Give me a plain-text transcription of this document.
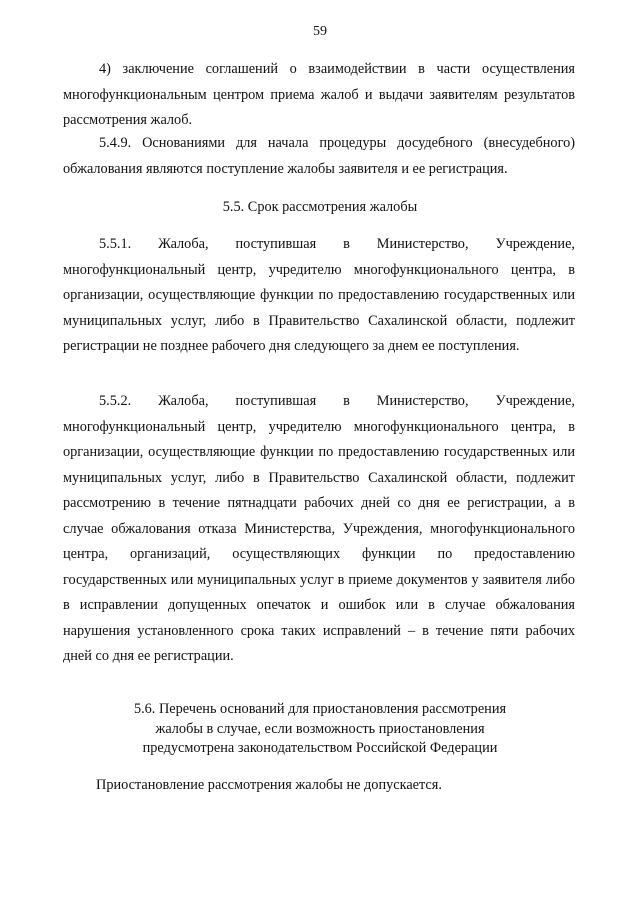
59

4) заключение соглашений о взаимодействии в части осуществления многофункциональным центром приема жалоб и выдачи заявителям результатов рассмотрения жалоб.

5.4.9. Основаниями для начала процедуры досудебного (внесудебного) обжалования являются поступление жалобы заявителя и ее регистрация.

5.5. Срок рассмотрения жалобы

5.5.1. Жалоба, поступившая в Министерство, Учреждение, многофункциональный центр, учредителю многофункционального центра, в организации, осуществляющие функции по предоставлению государственных или муниципальных услуг, либо в Правительство Сахалинской области, подлежит регистрации не позднее рабочего дня следующего за днем ее поступления.

5.5.2. Жалоба, поступившая в Министерство, Учреждение, многофункциональный центр, учредителю многофункционального центра, в организации, осуществляющие функции по предоставлению государственных или муниципальных услуг, либо в Правительство Сахалинской области, подлежит рассмотрению в течение пятнадцати рабочих дней со дня ее регистрации, а в случае обжалования отказа Министерства, Учреждения, многофункционального центра, организаций, осуществляющих функции по предоставлению государственных или муниципальных услуг в приеме документов у заявителя либо в исправлении допущенных опечаток и ошибок или в случае обжалования нарушения установленного срока таких исправлений – в течение пяти рабочих дней со дня ее регистрации.

5.6. Перечень оснований для приостановления рассмотрения
жалобы в случае, если возможность приостановления
предусмотрена законодательством Российской Федерации
Приостановление рассмотрения жалобы не допускается.
